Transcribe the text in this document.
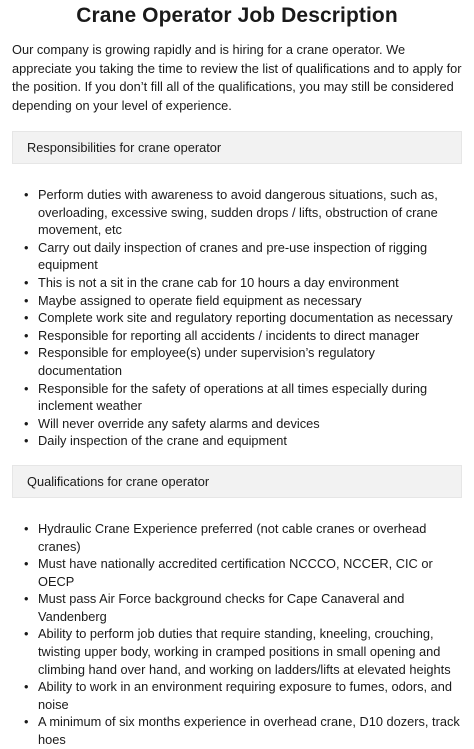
Crane Operator Job Description

Our company is growing rapidly and is hiring for a crane operator. We appreciate you taking the time to review the list of qualifications and to apply for the position. If you don’t fill all of the qualifications, you may still be considered depending on your level of experience.

Responsibilities for crane operator
• Perform duties with awareness to avoid dangerous situations, such as, overloading, excessive swing, sudden drops / lifts, obstruction of crane movement, etc
• Carry out daily inspection of cranes and pre-use inspection of rigging equipment
• This is not a sit in the crane cab for 10 hours a day environment
• Maybe assigned to operate field equipment as necessary
• Complete work site and regulatory reporting documentation as necessary
• Responsible for reporting all accidents / incidents to direct manager
• Responsible for employee(s) under supervision’s regulatory documentation
• Responsible for the safety of operations at all times especially during inclement weather
• Will never override any safety alarms and devices
• Daily inspection of the crane and equipment
Qualifications for crane operator
• Hydraulic Crane Experience preferred (not cable cranes or overhead cranes)
• Must have nationally accredited certification NCCCO, NCCER, CIC or OECP
• Must pass Air Force background checks for Cape Canaveral and Vandenberg
• Ability to perform job duties that require standing, kneeling, crouching, twisting upper body, working in cramped positions in small opening and climbing hand over hand, and working on ladders/lifts at elevated heights
• Ability to work in an environment requiring exposure to fumes, odors, and noise
• A minimum of six months experience in overhead crane, D10 dozers, track hoes
